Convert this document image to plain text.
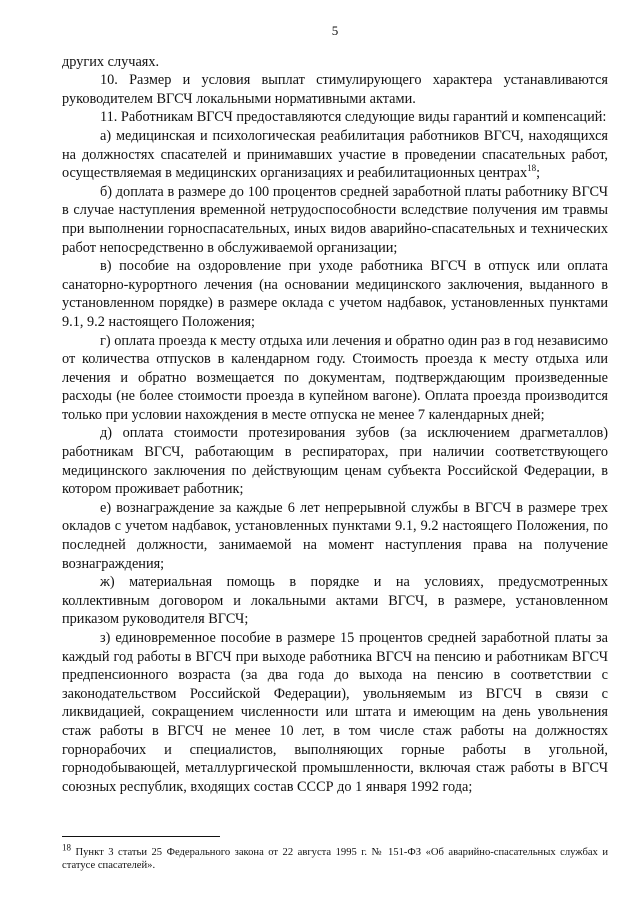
5

других случаях.

10. Размер и условия выплат стимулирующего характера устанавливаются руководителем ВГСЧ локальными нормативными актами.

11. Работникам ВГСЧ предоставляются следующие виды гарантий и компенсаций:

а) медицинская и психологическая реабилитация работников ВГСЧ, находящихся на должностях спасателей и принимавших участие в проведении спасательных работ, осуществляемая в медицинских организациях и реабилитационных центрах$^{18}$;

б) доплата в размере до 100 процентов средней заработной платы работнику ВГСЧ в случае наступления временной нетрудоспособности вследствие получения им травмы при выполнении горноспасательных, иных видов аварийно-спасательных и технических работ непосредственно в обслуживаемой организации;

в) пособие на оздоровление при уходе работника ВГСЧ в отпуск или оплата санаторно-курортного лечения (на основании медицинского заключения, выданного в установленном порядке) в размере оклада с учетом надбавок, установленных пунктами 9.1, 9.2 настоящего Положения;

г) оплата проезда к месту отдыха или лечения и обратно один раз в год независимо от количества отпусков в календарном году. Стоимость проезда к месту отдыха или лечения и обратно возмещается по документам, подтверждающим произведенные расходы (не более стоимости проезда в купейном вагоне). Оплата проезда производится только при условии нахождения в месте отпуска не менее 7 календарных дней;

д) оплата стоимости протезирования зубов (за исключением драгметаллов) работникам ВГСЧ, работающим в респираторах, при наличии соответствующего медицинского заключения по действующим ценам субъекта Российской Федерации, в котором проживает работник;

е) вознаграждение за каждые 6 лет непрерывной службы в ВГСЧ в размере трех окладов с учетом надбавок, установленных пунктами 9.1, 9.2 настоящего Положения, по последней должности, занимаемой на момент наступления права на получение вознаграждения;

ж) материальная помощь в порядке и на условиях, предусмотренных коллективным договором и локальными актами ВГСЧ, в размере, установленном приказом руководителя ВГСЧ;

з) единовременное пособие в размере 15 процентов средней заработной платы за каждый год работы в ВГСЧ при выходе работника ВГСЧ на пенсию и работникам ВГСЧ предпенсионного возраста (за два года до выхода на пенсию в соответствии с законодательством Российской Федерации), увольняемым из ВГСЧ в связи с ликвидацией, сокращением численности или штата и имеющим на день увольнения стаж работы в ВГСЧ не менее 10 лет, в том числе стаж работы на должностях горнорабочих и специалистов, выполняющих горные работы в угольной, горнодобывающей, металлургической промышленности, включая стаж работы в ВГСЧ союзных республик, входящих состав СССР до 1 января 1992 года;

$^{18}$ Пункт 3 статьи 25 Федерального закона от 22 августа 1995 г. № 151-ФЗ «Об аварийно-спасательных службах и статусе спасателей».
